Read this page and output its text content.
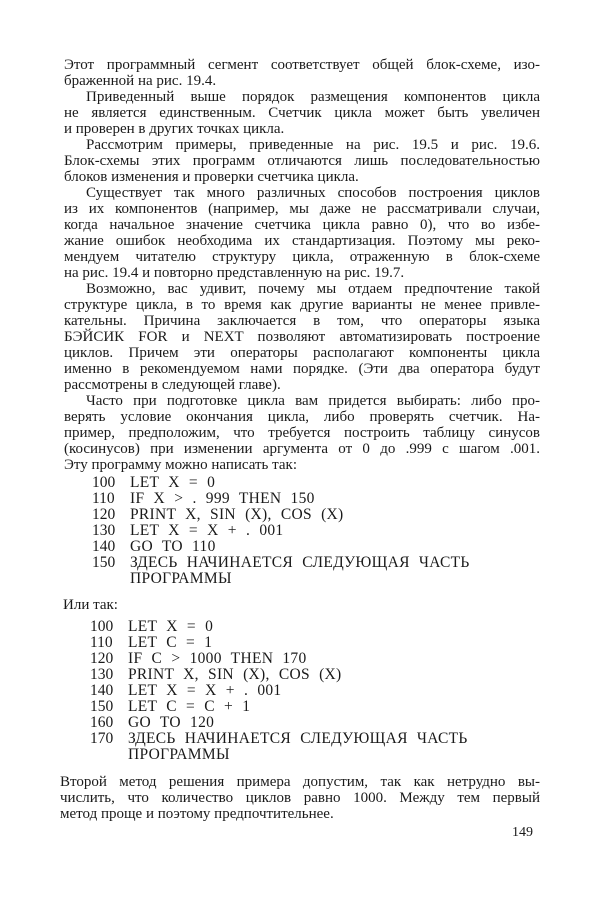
Этот программный сегмент соответствует общей блок-схеме, изо-
браженной на рис. 19.4.
Приведенный выше порядок размещения компонентов цикла
не является единственным. Счетчик цикла может быть увеличен
и проверен в других точках цикла.
Рассмотрим примеры, приведенные на рис. 19.5 и рис. 19.6.
Блок-схемы этих программ отличаются лишь последовательностью
блоков изменения и проверки счетчика цикла.
Существует так много различных способов построения циклов
из их компонентов (например, мы даже не рассматривали случаи,
когда начальное значение счетчика цикла равно 0), что во избе-
жание ошибок необходима их стандартизация. Поэтому мы реко-
мендуем читателю структуру цикла, отраженную в блок-схеме
на рис. 19.4 и повторно представленную на рис. 19.7.
Возможно, вас удивит, почему мы отдаем предпочтение такой
структуре цикла, в то время как другие варианты не менее привле-
кательны. Причина заключается в том, что операторы языка
БЭЙСИК FOR и NEXT позволяют автоматизировать построение
циклов. Причем эти операторы располагают компоненты цикла
именно в рекомендуемом нами порядке. (Эти два оператора будут
рассмотрены в следующей главе).
Часто при подготовке цикла вам придется выбирать: либо про-
верять условие окончания цикла, либо проверять счетчик. На-
пример, предположим, что требуется построить таблицу синусов
(косинусов) при изменении аргумента от 0 до .999 с шагом .001.
Эту программу можно написать так:
100 LET X = 0
110 IF X > . 999 THEN 150
120 PRINT X, SIN (X), COS (X)
130 LET X = X + . 001
140 GO TO 110
150 ЗДЕСЬ НАЧИНАЕТСЯ СЛЕДУЮЩАЯ ЧАСТЬ
ПРОГРАММЫ
Или так:
100 LET X = 0
110 LET C = 1
120 IF C > 1000 THEN 170
130 PRINT X, SIN (X), COS (X)
140 LET X = X + . 001
150 LET C = C + 1
160 GO TO 120
170 ЗДЕСЬ НАЧИНАЕТСЯ СЛЕДУЮЩАЯ ЧАСТЬ
ПРОГРАММЫ
Второй метод решения примера допустим, так как нетрудно вы-
числить, что количество циклов равно 1000. Между тем первый
метод проще и поэтому предпочтительнее.
149
